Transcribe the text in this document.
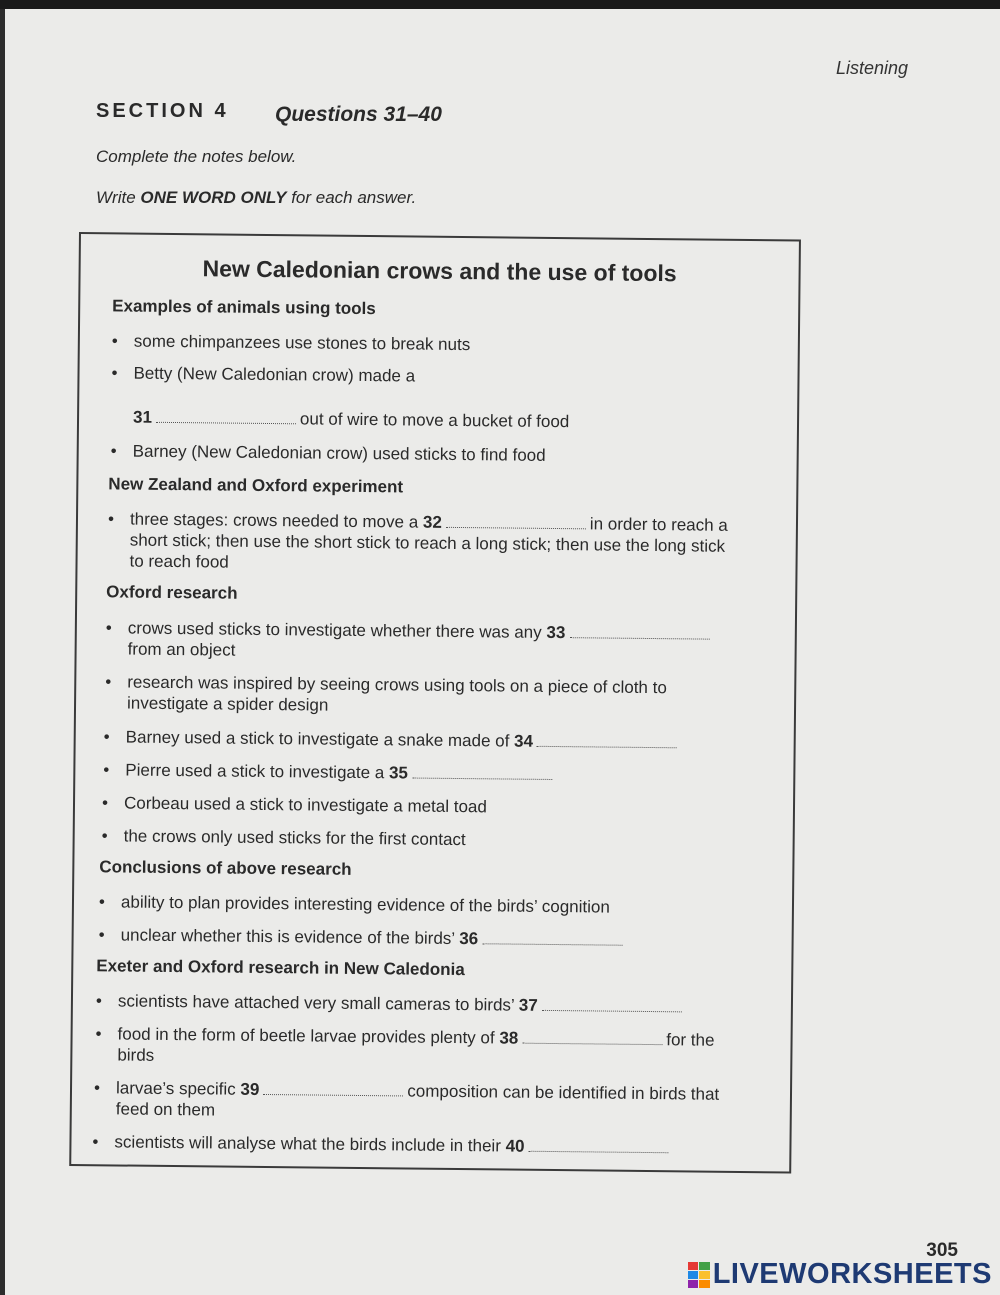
Listening
SECTION 4 Questions 31–40
Complete the notes below.
Write ONE WORD ONLY for each answer.
New Caledonian crows and the use of tools
Examples of animals using tools
• some chimpanzees use stones to break nuts
• Betty (New Caledonian crow) made a
31	out of wire to move a bucket of food
• Barney (New Caledonian crow) used sticks to find food
New Zealand and Oxford experiment
• three stages: crows needed to move a 32	in order to reach a
short stick; then use the short stick to reach a long stick; then use the long stick
to reach food
Oxford research
• crows used sticks to investigate whether there was any 33
from an object
• research was inspired by seeing crows using tools on a piece of cloth to
investigate a spider design
• Barney used a stick to investigate a snake made of 34
• Pierre used a stick to investigate a 35
• Corbeau used a stick to investigate a metal toad
• the crows only used sticks for the first contact
Conclusions of above research
• ability to plan provides interesting evidence of the birds’ cognition
• unclear whether this is evidence of the birds’ 36
Exeter and Oxford research in New Caledonia
• scientists have attached very small cameras to birds’ 37
• food in the form of beetle larvae provides plenty of 38	for the
birds
• larvae’s specific 39	composition can be identified in birds that
feed on them
• scientists will analyse what the birds include in their 40
305
LIVEWORKSHEETS
